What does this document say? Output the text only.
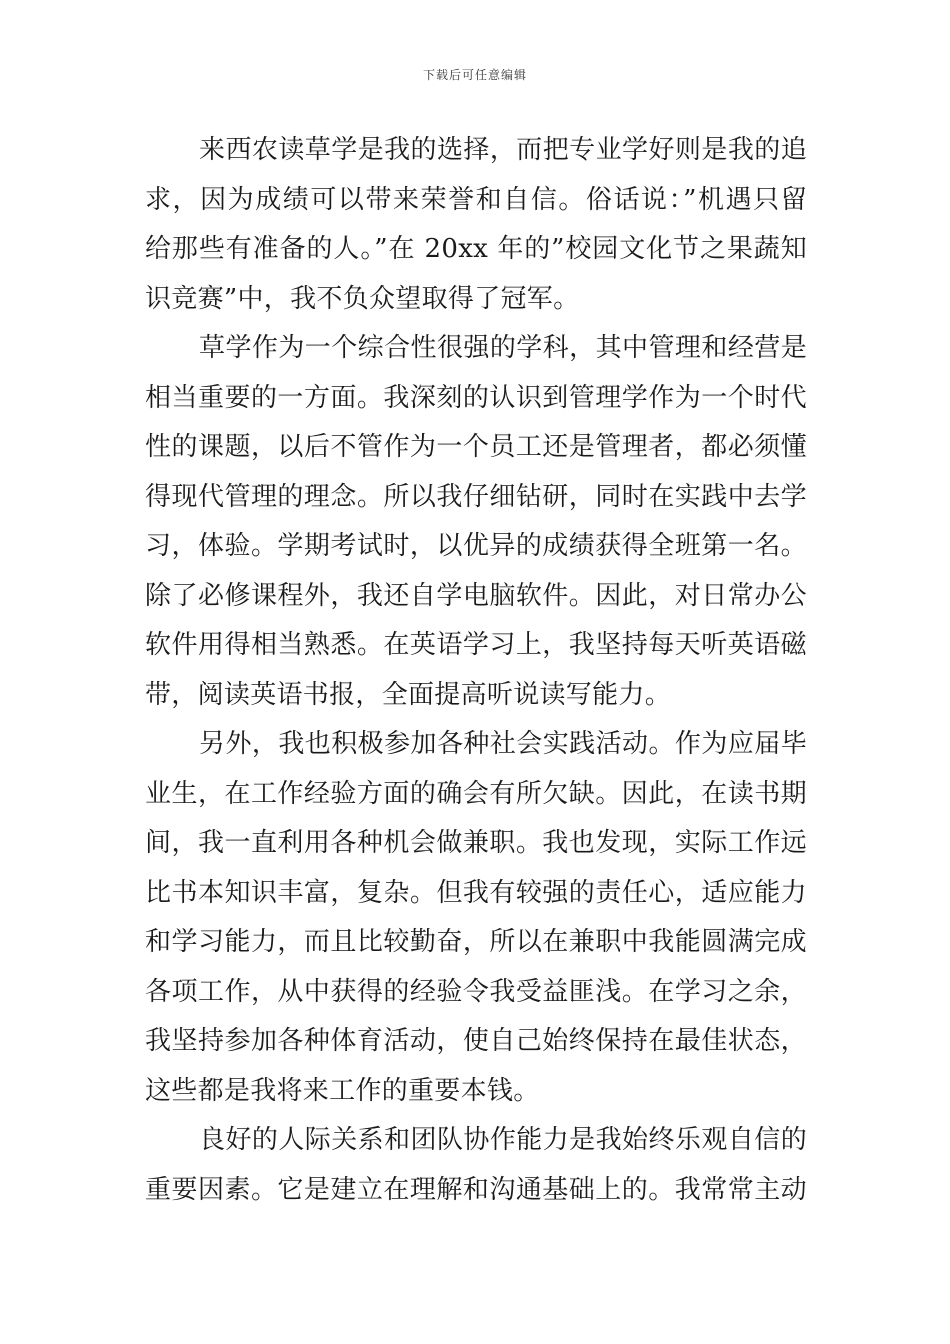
下载后可任意编辑
来西农读草学是我的选择，而把专业学好则是我的追
求，因为成绩可以带来荣誉和自信。俗话说：”机遇只留
给那些有准备的人。”在 20xx 年的”校园文化节之果蔬知
识竞赛”中，我不负众望取得了冠军。
草学作为一个综合性很强的学科，其中管理和经营是
相当重要的一方面。我深刻的认识到管理学作为一个时代
性的课题，以后不管作为一个员工还是管理者，都必须懂
得现代管理的理念。所以我仔细钻研，同时在实践中去学
习，体验。学期考试时，以优异的成绩获得全班第一名。
除了必修课程外，我还自学电脑软件。因此，对日常办公
软件用得相当熟悉。在英语学习上，我坚持每天听英语磁
带，阅读英语书报，全面提高听说读写能力。
另外，我也积极参加各种社会实践活动。作为应届毕
业生，在工作经验方面的确会有所欠缺。因此，在读书期
间，我一直利用各种机会做兼职。我也发现，实际工作远
比书本知识丰富，复杂。但我有较强的责任心，适应能力
和学习能力，而且比较勤奋，所以在兼职中我能圆满完成
各项工作，从中获得的经验令我受益匪浅。在学习之余，
我坚持参加各种体育活动，使自己始终保持在最佳状态，
这些都是我将来工作的重要本钱。
良好的人际关系和团队协作能力是我始终乐观自信的
重要因素。它是建立在理解和沟通基础上的。我常常主动
